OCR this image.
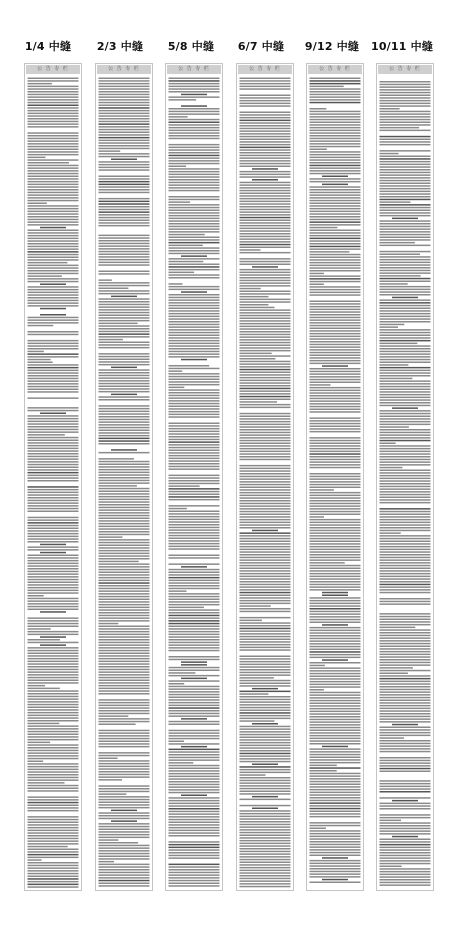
1/4 中缝	2/3 中缝	5/8 中缝	6/7 中缝	9/12 中缝	10/11 中缝
公 告 专 栏	公 告 专 栏	公 告 专 栏	公 告 专 栏	公 告 专 栏	公 告 专 栏
